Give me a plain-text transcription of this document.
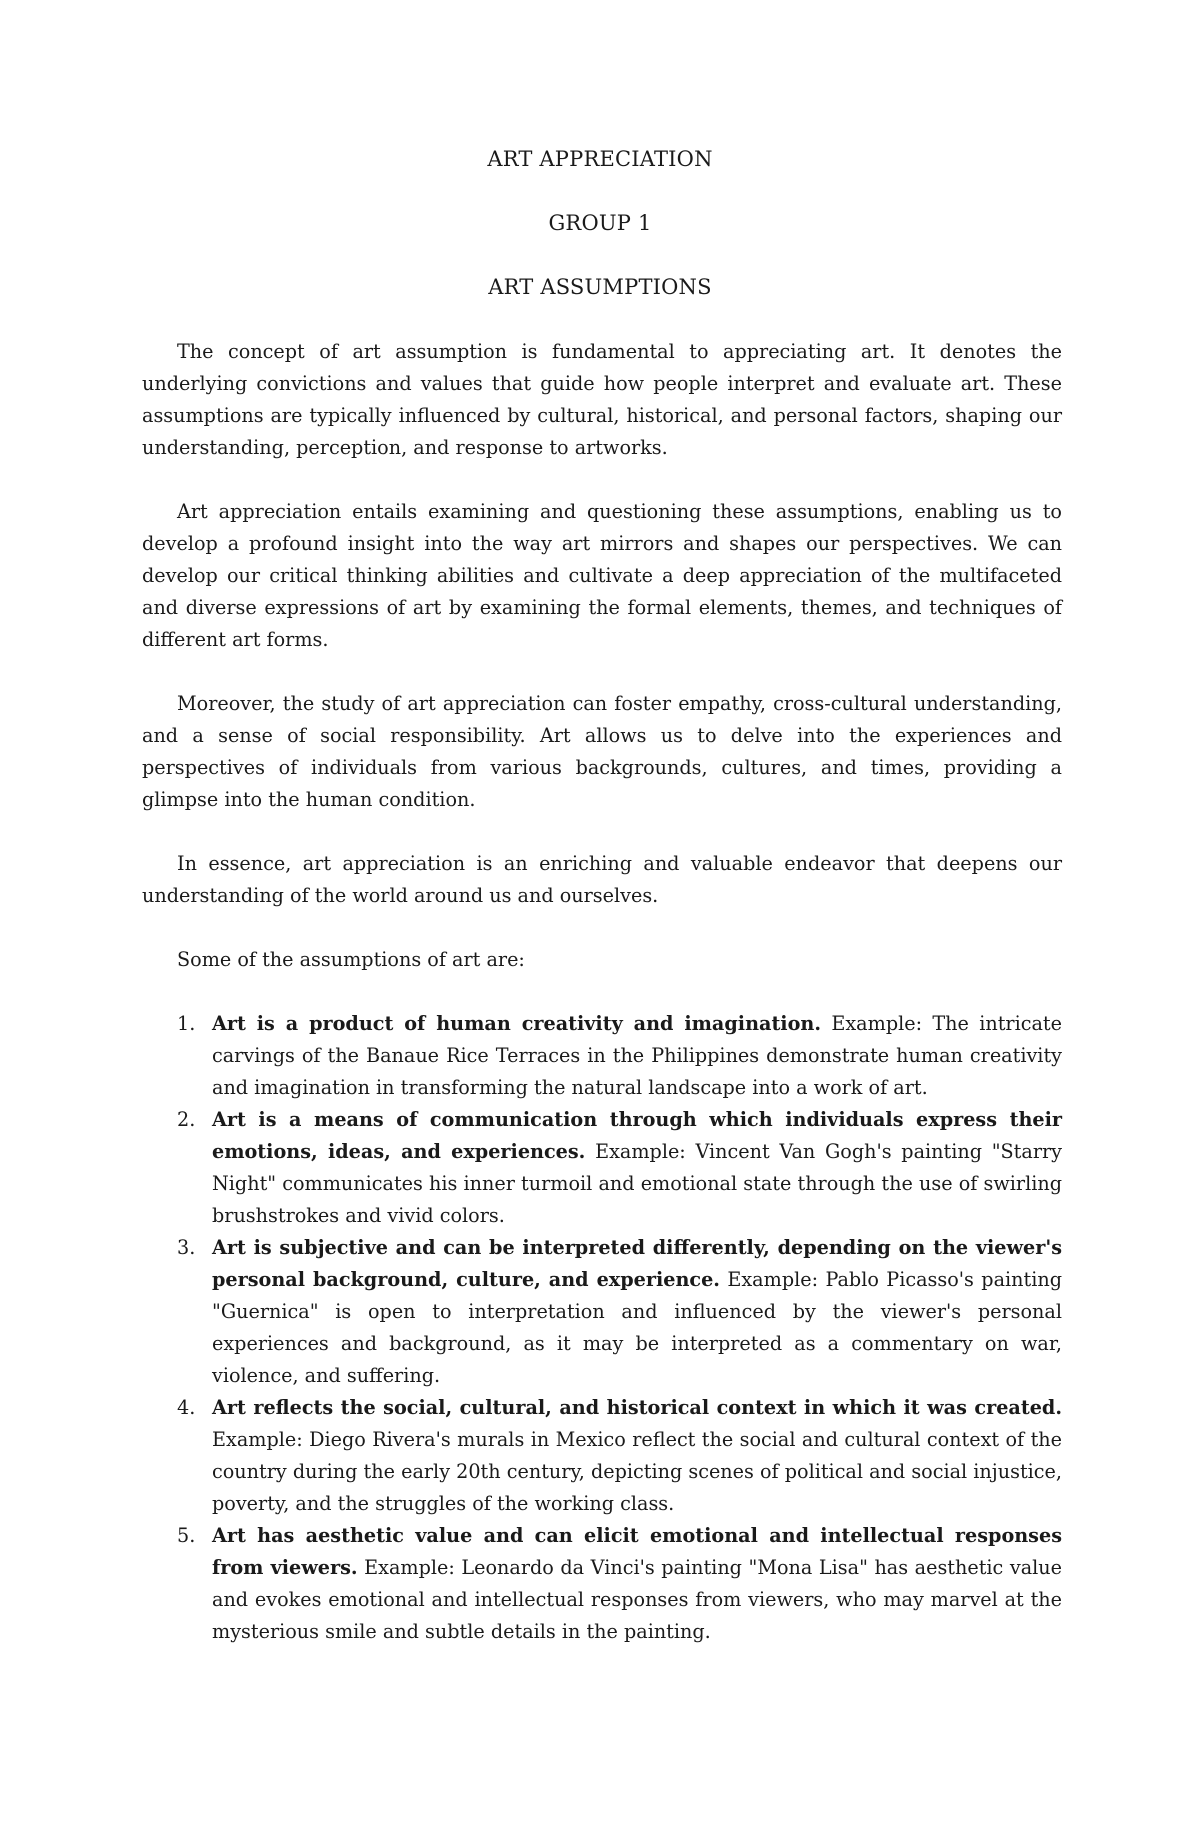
ART APPRECIATION
GROUP 1
ART ASSUMPTIONS

The concept of art assumption is fundamental to appreciating art. It denotes the underlying convictions and values that guide how people interpret and evaluate art. These assumptions are typically influenced by cultural, historical, and personal factors, shaping our understanding, perception, and response to artworks.

Art appreciation entails examining and questioning these assumptions, enabling us to develop a profound insight into the way art mirrors and shapes our perspectives. We can develop our critical thinking abilities and cultivate a deep appreciation of the multifaceted and diverse expressions of art by examining the formal elements, themes, and techniques of different art forms.

Moreover, the study of art appreciation can foster empathy, cross-cultural understanding, and a sense of social responsibility. Art allows us to delve into the experiences and perspectives of individuals from various backgrounds, cultures, and times, providing a glimpse into the human condition.

In essence, art appreciation is an enriching and valuable endeavor that deepens our understanding of the world around us and ourselves.

Some of the assumptions of art are:

1. Art is a product of human creativity and imagination. Example: The intricate carvings of the Banaue Rice Terraces in the Philippines demonstrate human creativity and imagination in transforming the natural landscape into a work of art.
2. Art is a means of communication through which individuals express their emotions, ideas, and experiences. Example: Vincent Van Gogh's painting "Starry Night" communicates his inner turmoil and emotional state through the use of swirling brushstrokes and vivid colors.
3. Art is subjective and can be interpreted differently, depending on the viewer's personal background, culture, and experience. Example: Pablo Picasso's painting "Guernica" is open to interpretation and influenced by the viewer's personal experiences and background, as it may be interpreted as a commentary on war, violence, and suffering.
4. Art reflects the social, cultural, and historical context in which it was created. Example: Diego Rivera's murals in Mexico reflect the social and cultural context of the country during the early 20th century, depicting scenes of political and social injustice, poverty, and the struggles of the working class.
5. Art has aesthetic value and can elicit emotional and intellectual responses from viewers. Example: Leonardo da Vinci's painting "Mona Lisa" has aesthetic value and evokes emotional and intellectual responses from viewers, who may marvel at the mysterious smile and subtle details in the painting.
